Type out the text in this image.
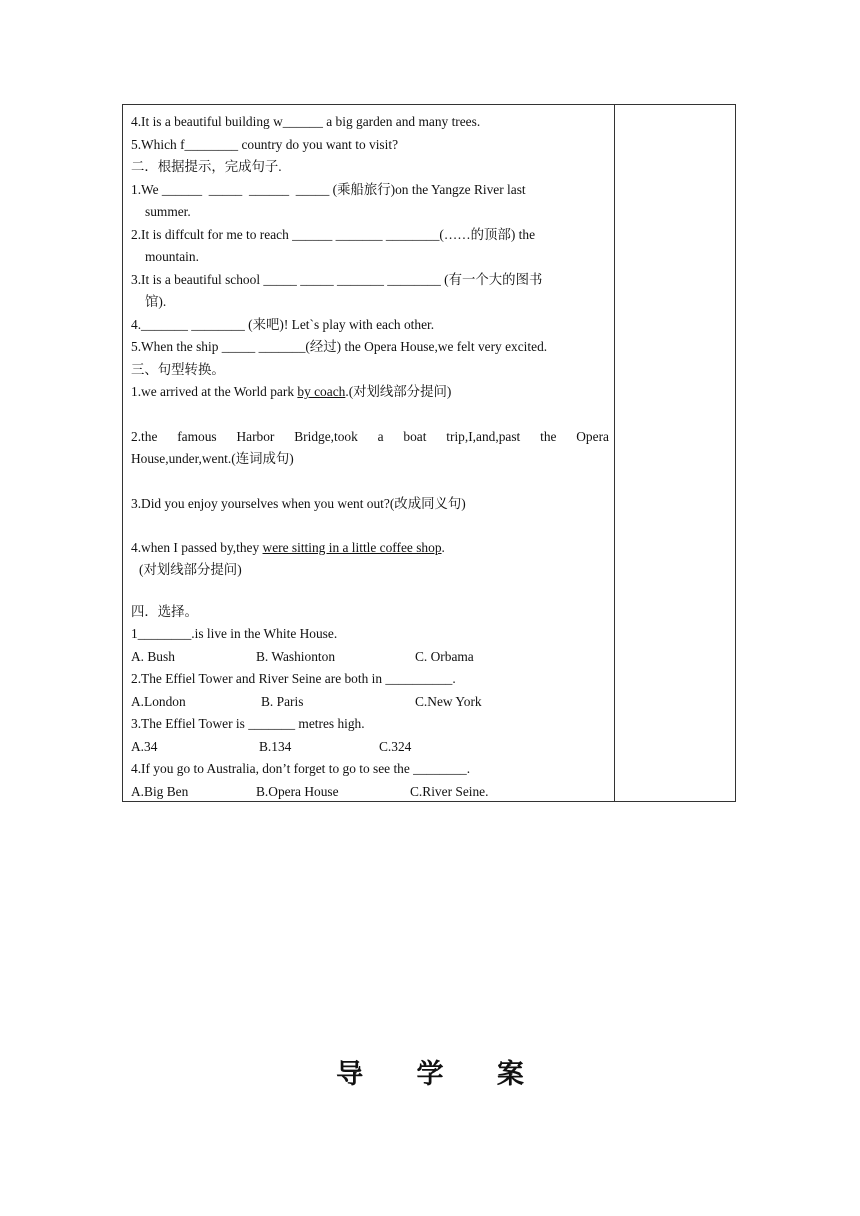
4.It is a beautiful building w______ a big garden and many trees.
5.Which f________ country do you want to visit?
二．根据提示，完成句子.
1.We ______  _____  ______  _____ (乘船旅行)on the Yangze River last
summer.
2.It is diffcult for me to reach ______ _______ ________(……的顶部) the
mountain.
3.It is a beautiful school _____ _____ _______ ________ (有一个大的图书
馆).
4._______ ________ (来吧)! Let`s play with each other.
5.When the ship _____ _______(经过) the Opera House,we felt very excited.
三、句型转换。
1.we arrived at the World park by coach.(对划线部分提问)
2.the famous Harbor Bridge,took a boat trip,I,and,past the Opera
House,under,went.(连词成句)
3.Did you enjoy yourselves when you went out?(改成同义句)
4.when I passed by,they were sitting in a little coffee shop.
(对划线部分提问)
四．选择。
1________.is live in the White House.
A. Bush	B. Washionton	C. Orbama
2.The Effiel Tower and River Seine are both in __________.
A.London	B. Paris	C.New York
3.The Effiel Tower is _______ metres high.
A.34	B.134	C.324
4.If you go to Australia, don’t forget to go to see the ________.
A.Big Ben	B.Opera House	C.River Seine.
导 学 案
